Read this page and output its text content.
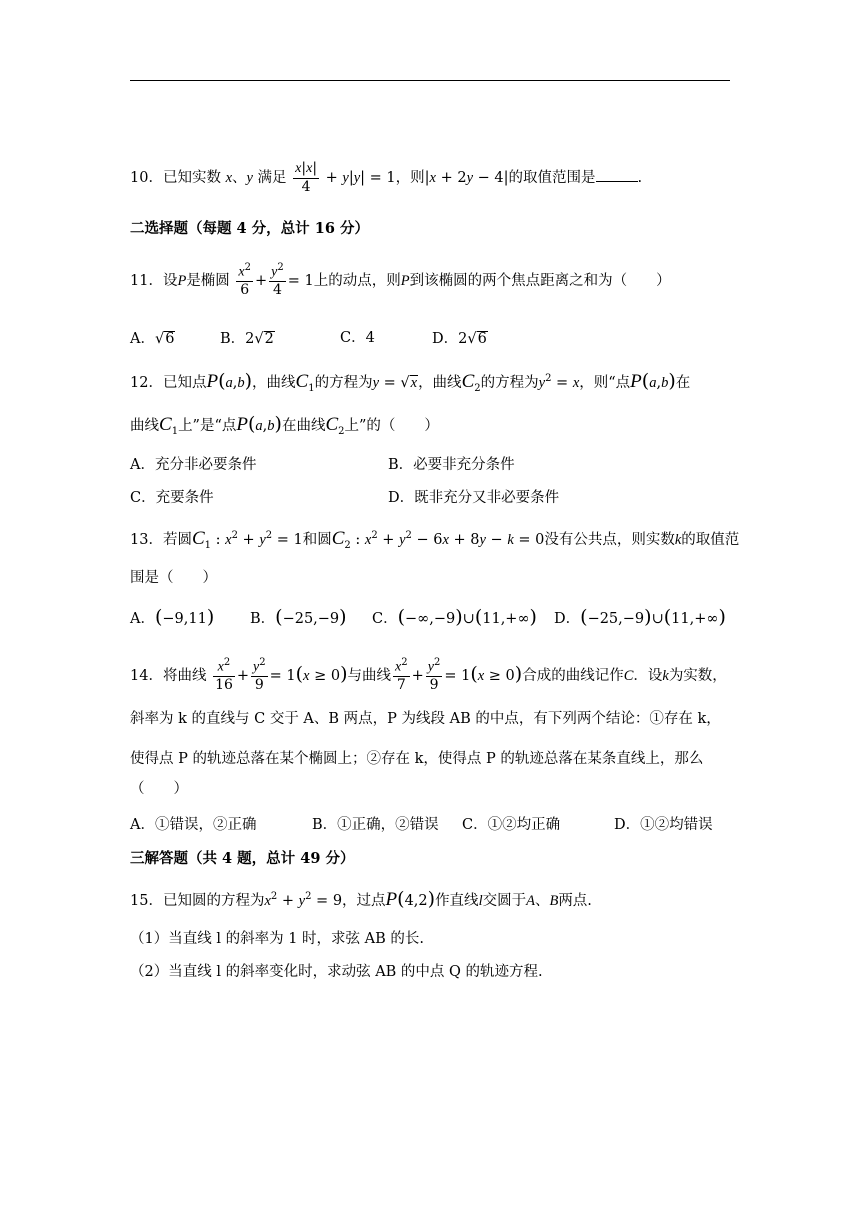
10．已知实数 x、y 满足 $\frac{x|x|}{4} + y|y| = 1$，则|x + 2y − 4|的取值范围是	.
二选择题（每题 4 分，总计 16 分）
11．设P是椭圆 $\frac{x^2}{6} + \frac{y^2}{4} = 1$上的动点，则P到该椭圆的两个焦点距离之和为（　　）
A．√6	B．2√2	C．4	D．2√6
12．已知点P(a,b)，曲线$C_1$的方程为y = √x，曲线$C_2$的方程为$y^2 = x$，则“点P(a,b)在
曲线$C_1$上”是“点P(a,b)在曲线$C_2$上”的（　　）
A．充分非必要条件	B．必要非充分条件
C．充要条件	D．既非充分又非必要条件
13．若圆$C_1$ : $x^2 + y^2 = 1$和圆$C_2$ : $x^2 + y^2 - 6x + 8y - k = 0$没有公共点，则实数k的取值范
围是（　　）
A．(−9,11) B．(−25,−9) C．(−∞,−9)∪(11,+∞) D．(−25,−9)∪(11,+∞)
14．将曲线 $\frac{x^2}{16} + \frac{y^2}{9} = 1(x \ge 0)$与曲线 $\frac{x^2}{7} + \frac{y^2}{9} = 1(x \ge 0)$合成的曲线记作C．设k为实数，
斜率为 k 的直线与 C 交于 A、B 两点，P 为线段 AB 的中点，有下列两个结论：①存在 k，
使得点 P 的轨迹总落在某个椭圆上；②存在 k，使得点 P 的轨迹总落在某条直线上，那么
（　　）
A．①错误，②正确	B．①正确，②错误 C．①②均正确	D．①②均错误
三解答题（共 4 题，总计 49 分）
15．已知圆的方程为$x^2 + y^2 = 9$，过点P(4,2)作直线l交圆于A、B两点.
（1）当直线 l 的斜率为 1 时，求弦 AB 的长.
（2）当直线 l 的斜率变化时，求动弦 AB 的中点 Q 的轨迹方程.
